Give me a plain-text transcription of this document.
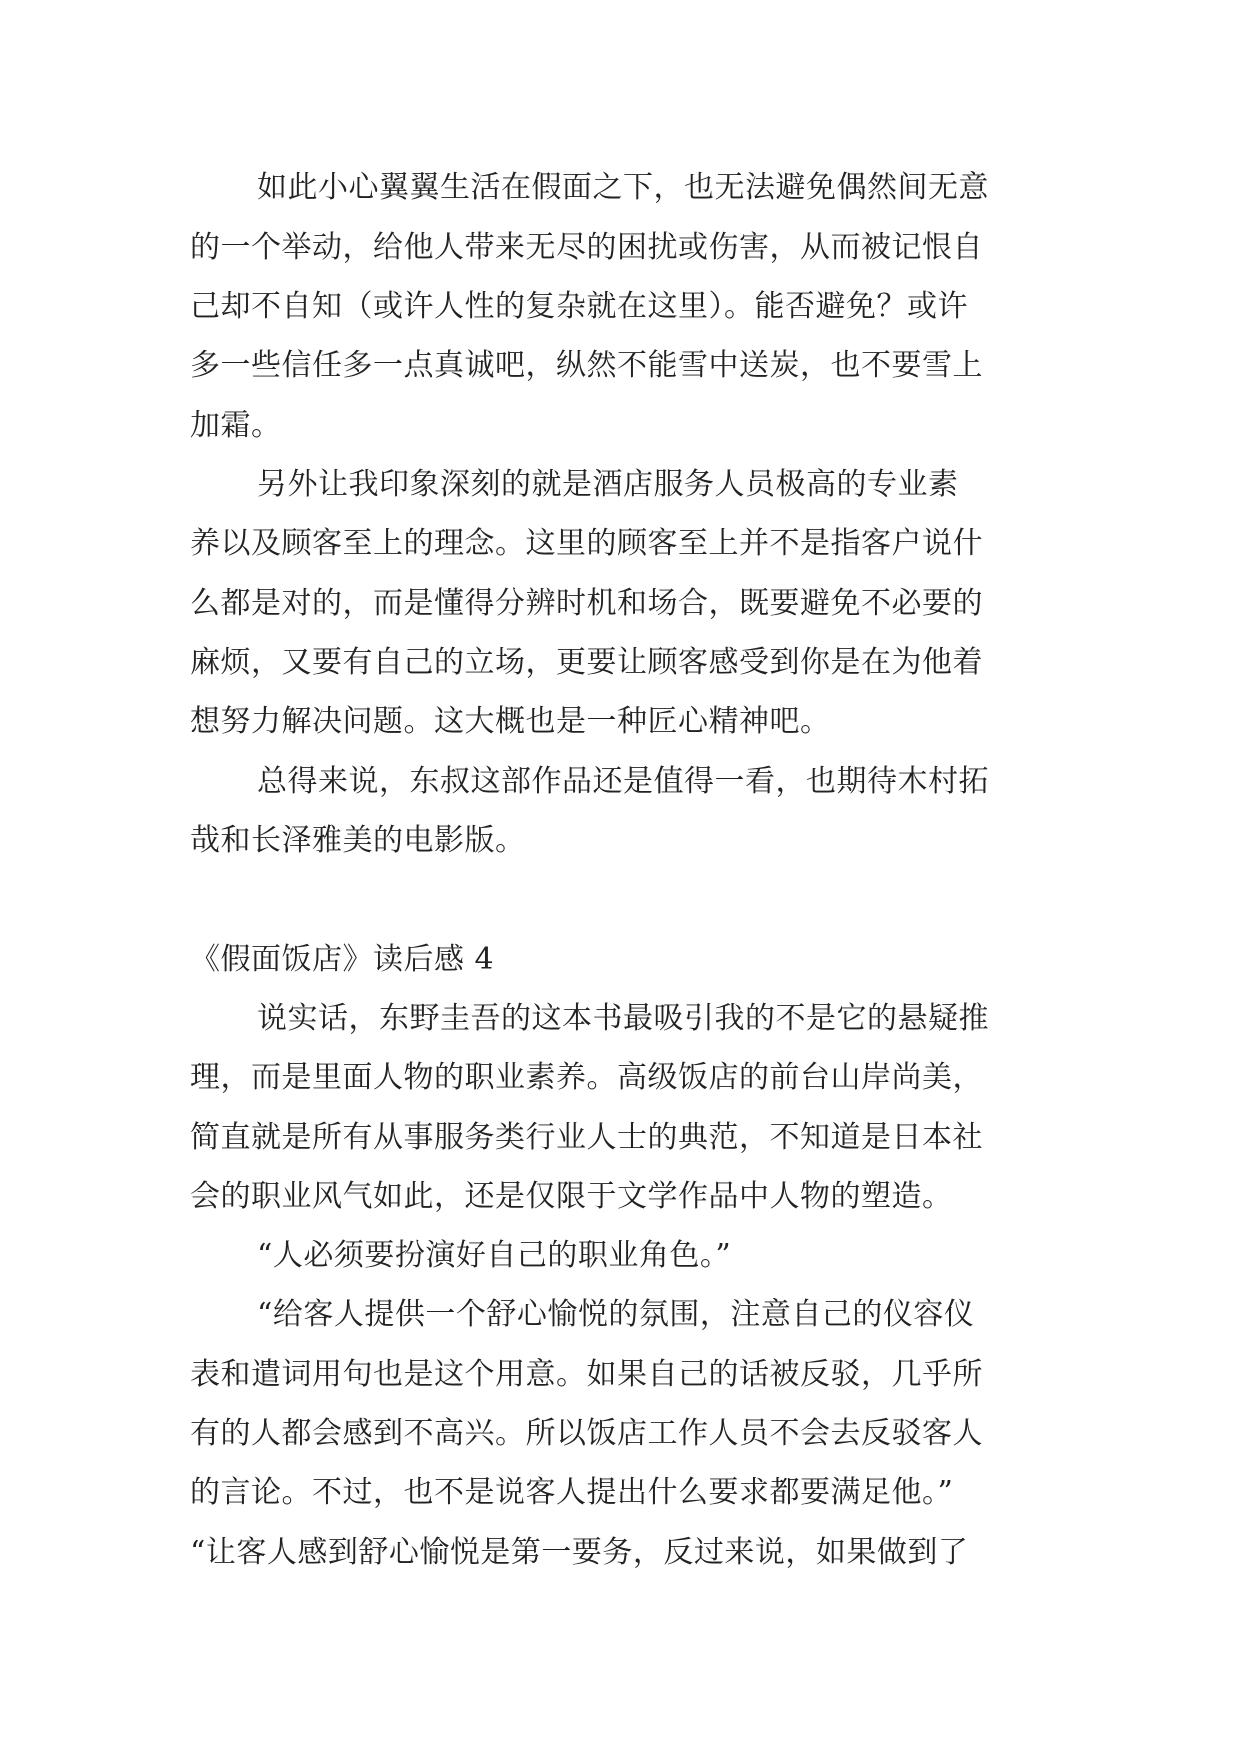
如此小心翼翼生活在假面之下，也无法避免偶然间无意

的一个举动，给他人带来无尽的困扰或伤害，从而被记恨自

己却不自知（或许人性的复杂就在这里）。能否避免？或许

多一些信任多一点真诚吧，纵然不能雪中送炭，也不要雪上

加霜。

另外让我印象深刻的就是酒店服务人员极高的专业素

养以及顾客至上的理念。这里的顾客至上并不是指客户说什

么都是对的，而是懂得分辨时机和场合，既要避免不必要的

麻烦，又要有自己的立场，更要让顾客感受到你是在为他着

想努力解决问题。这大概也是一种匠心精神吧。

总得来说，东叔这部作品还是值得一看，也期待木村拓

哉和长泽雅美的电影版。

《假面饭店》读后感 4

说实话，东野圭吾的这本书最吸引我的不是它的悬疑推

理，而是里面人物的职业素养。高级饭店的前台山岸尚美，

简直就是所有从事服务类行业人士的典范，不知道是日本社

会的职业风气如此，还是仅限于文学作品中人物的塑造。

“人必须要扮演好自己的职业角色。”

“给客人提供一个舒心愉悦的氛围，注意自己的仪容仪

表和遣词用句也是这个用意。如果自己的话被反驳，几乎所

有的人都会感到不高兴。所以饭店工作人员不会去反驳客人

的言论。不过，也不是说客人提出什么要求都要满足他。”

“让客人感到舒心愉悦是第一要务，反过来说，如果做到了
